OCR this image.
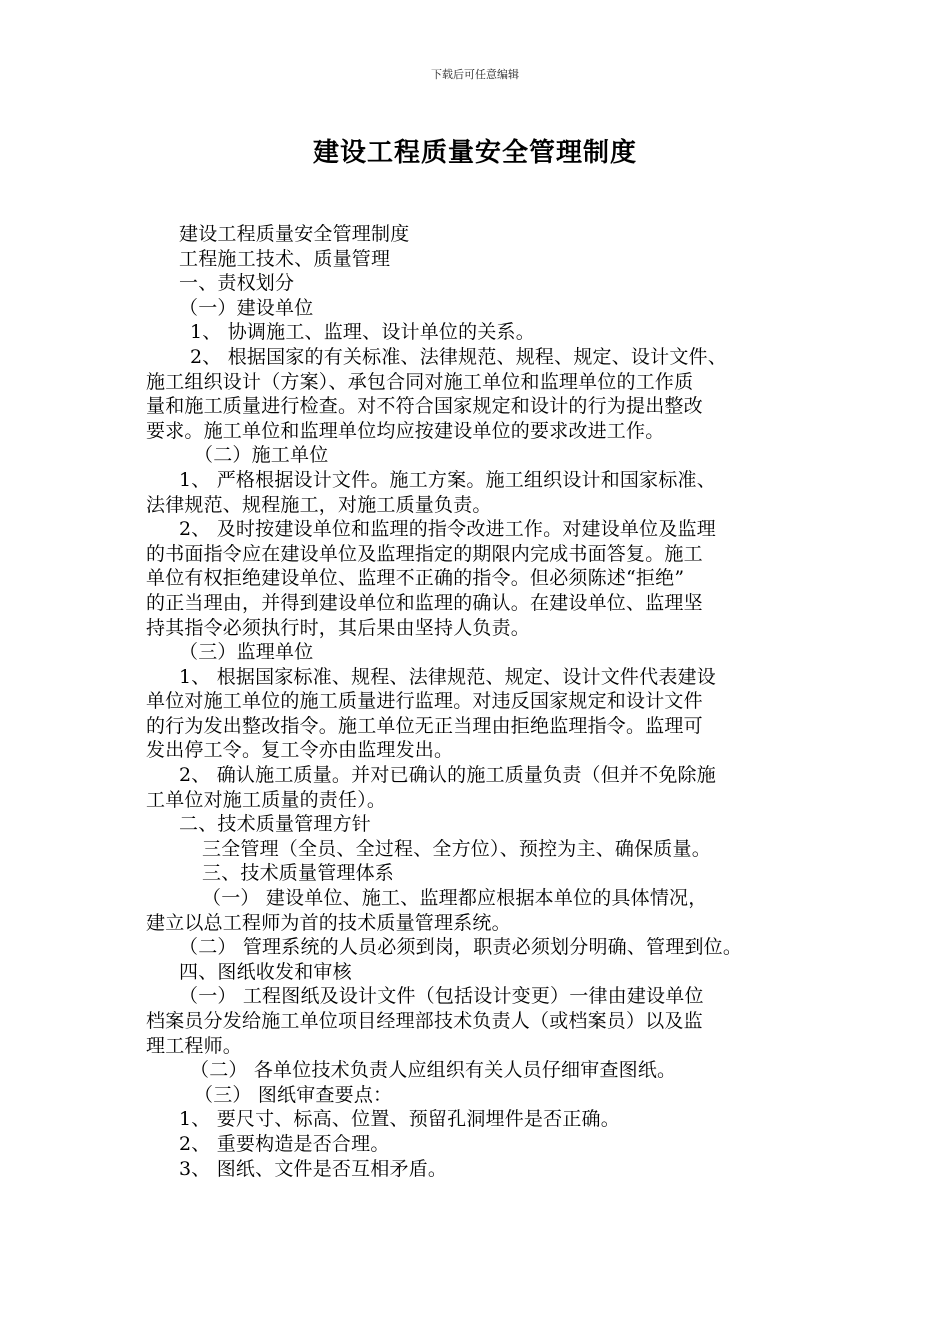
下载后可任意编辑
建设工程质量安全管理制度
建设工程质量安全管理制度
工程施工技术、质量管理
一、责权划分
（一）建设单位
1、 协调施工、监理、设计单位的关系。
2、 根据国家的有关标准、法律规范、规程、规定、设计文件、
施工组织设计（方案）、承包合同对施工单位和监理单位的工作质
量和施工质量进行检查。对不符合国家规定和设计的行为提出整改
要求。施工单位和监理单位均应按建设单位的要求改进工作。
（二）施工单位
1、 严格根据设计文件。施工方案。施工组织设计和国家标准、
法律规范、规程施工，对施工质量负责。
2、 及时按建设单位和监理的指令改进工作。对建设单位及监理
的书面指令应在建设单位及监理指定的期限内完成书面答复。施工
单位有权拒绝建设单位、监理不正确的指令。但必须陈述“拒绝”
的正当理由，并得到建设单位和监理的确认。在建设单位、监理坚
持其指令必须执行时，其后果由坚持人负责。
（三）监理单位
1、 根据国家标准、规程、法律规范、规定、设计文件代表建设
单位对施工单位的施工质量进行监理。对违反国家规定和设计文件
的行为发出整改指令。施工单位无正当理由拒绝监理指令。监理可
发出停工令。复工令亦由监理发出。
2、 确认施工质量。并对已确认的施工质量负责（但并不免除施
工单位对施工质量的责任）。
二、技术质量管理方针
三全管理（全员、全过程、全方位）、预控为主、确保质量。
三、技术质量管理体系
（一） 建设单位、施工、监理都应根据本单位的具体情况，
建立以总工程师为首的技术质量管理系统。
（二） 管理系统的人员必须到岗，职责必须划分明确、管理到位。
四、图纸收发和审核
（一） 工程图纸及设计文件（包括设计变更）一律由建设单位
档案员分发给施工单位项目经理部技术负责人（或档案员）以及监
理工程师。
（二） 各单位技术负责人应组织有关人员仔细审查图纸。
（三） 图纸审查要点：
1、 要尺寸、标高、位置、预留孔洞埋件是否正确。
2、 重要构造是否合理。
3、 图纸、文件是否互相矛盾。
